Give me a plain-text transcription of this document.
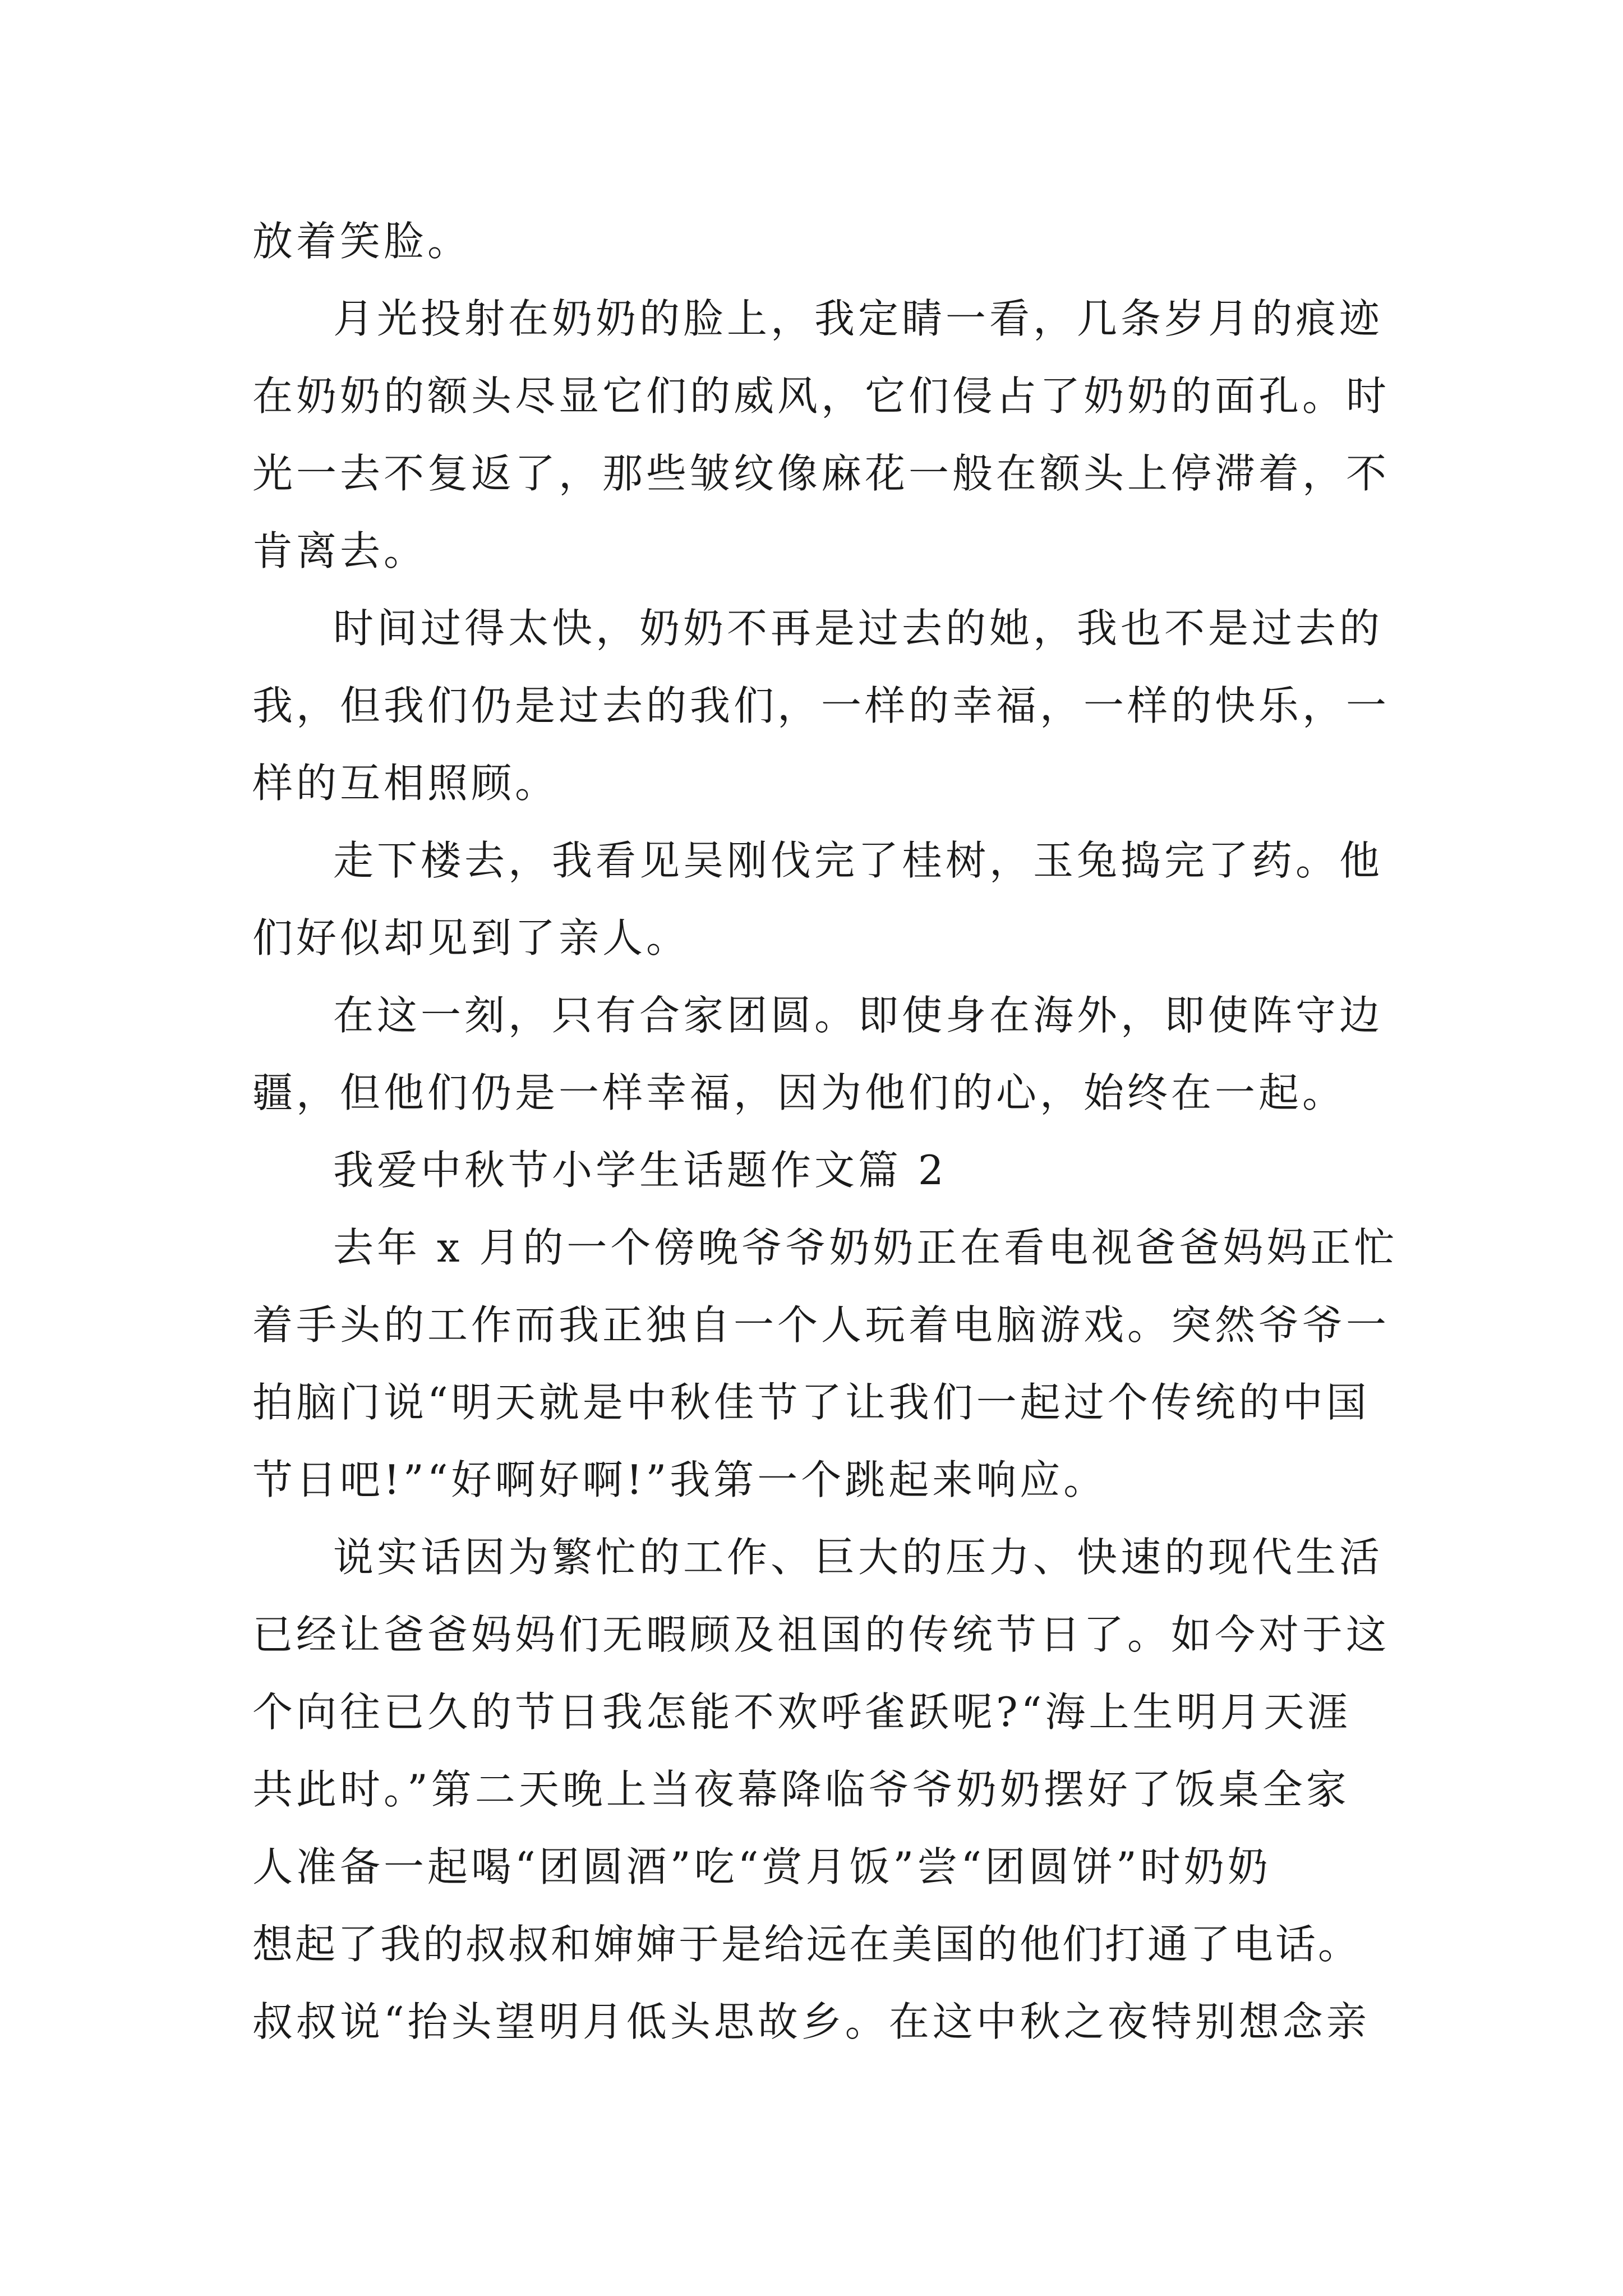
放着笑脸。
月光投射在奶奶的脸上，我定睛一看，几条岁月的痕迹
在奶奶的额头尽显它们的威风，它们侵占了奶奶的面孔。时
光一去不复返了，那些皱纹像麻花一般在额头上停滞着，不
肯离去。
时间过得太快，奶奶不再是过去的她，我也不是过去的
我，但我们仍是过去的我们，一样的幸福，一样的快乐，一
样的互相照顾。
走下楼去，我看见吴刚伐完了桂树，玉兔捣完了药。他
们好似却见到了亲人。
在这一刻，只有合家团圆。即使身在海外，即使阵守边
疆，但他们仍是一样幸福，因为他们的心，始终在一起。
我爱中秋节小学生话题作文篇 2
去年 x 月的一个傍晚爷爷奶奶正在看电视爸爸妈妈正忙
着手头的工作而我正独自一个人玩着电脑游戏。突然爷爷一
拍脑门说“明天就是中秋佳节了让我们一起过个传统的中国
节日吧!”“好啊好啊!”我第一个跳起来响应。
说实话因为繁忙的工作、巨大的压力、快速的现代生活
已经让爸爸妈妈们无暇顾及祖国的传统节日了。如今对于这
个向往已久的节日我怎能不欢呼雀跃呢?“海上生明月天涯
共此时。”第二天晚上当夜幕降临爷爷奶奶摆好了饭桌全家
人准备一起喝“团圆酒”吃“赏月饭”尝“团圆饼”时奶奶
想起了我的叔叔和婶婶于是给远在美国的他们打通了电话。
叔叔说“抬头望明月低头思故乡。在这中秋之夜特别想念亲
